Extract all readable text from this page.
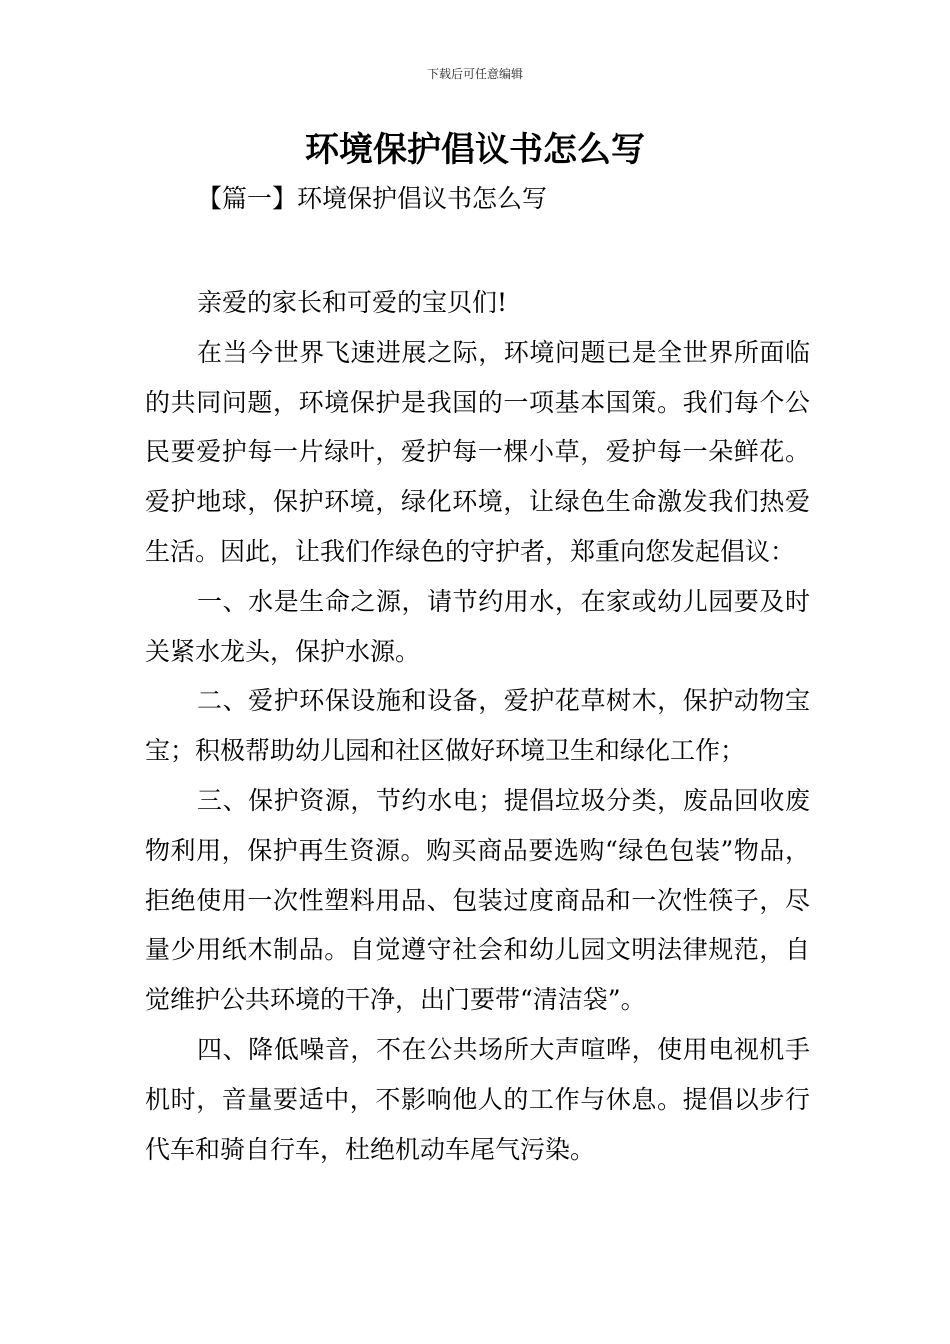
下载后可任意编辑
环境保护倡议书怎么写
【篇一】环境保护倡议书怎么写

亲爱的家长和可爱的宝贝们!

在当今世界飞速进展之际，环境问题已是全世界所面临的共同问题，环境保护是我国的一项基本国策。我们每个公民要爱护每一片绿叶，爱护每一棵小草，爱护每一朵鲜花。爱护地球，保护环境，绿化环境，让绿色生命激发我们热爱生活。因此，让我们作绿色的守护者，郑重向您发起倡议：

一、水是生命之源，请节约用水，在家或幼儿园要及时关紧水龙头，保护水源。

二、爱护环保设施和设备，爱护花草树木，保护动物宝宝；积极帮助幼儿园和社区做好环境卫生和绿化工作；

三、保护资源，节约水电；提倡垃圾分类，废品回收废物利用，保护再生资源。购买商品要选购“绿色包装”物品，拒绝使用一次性塑料用品、包装过度商品和一次性筷子，尽量少用纸木制品。自觉遵守社会和幼儿园文明法律规范，自觉维护公共环境的干净，出门要带“清洁袋”。

四、降低噪音，不在公共场所大声喧哗，使用电视机手机时，音量要适中，不影响他人的工作与休息。提倡以步行代车和骑自行车，杜绝机动车尾气污染。
